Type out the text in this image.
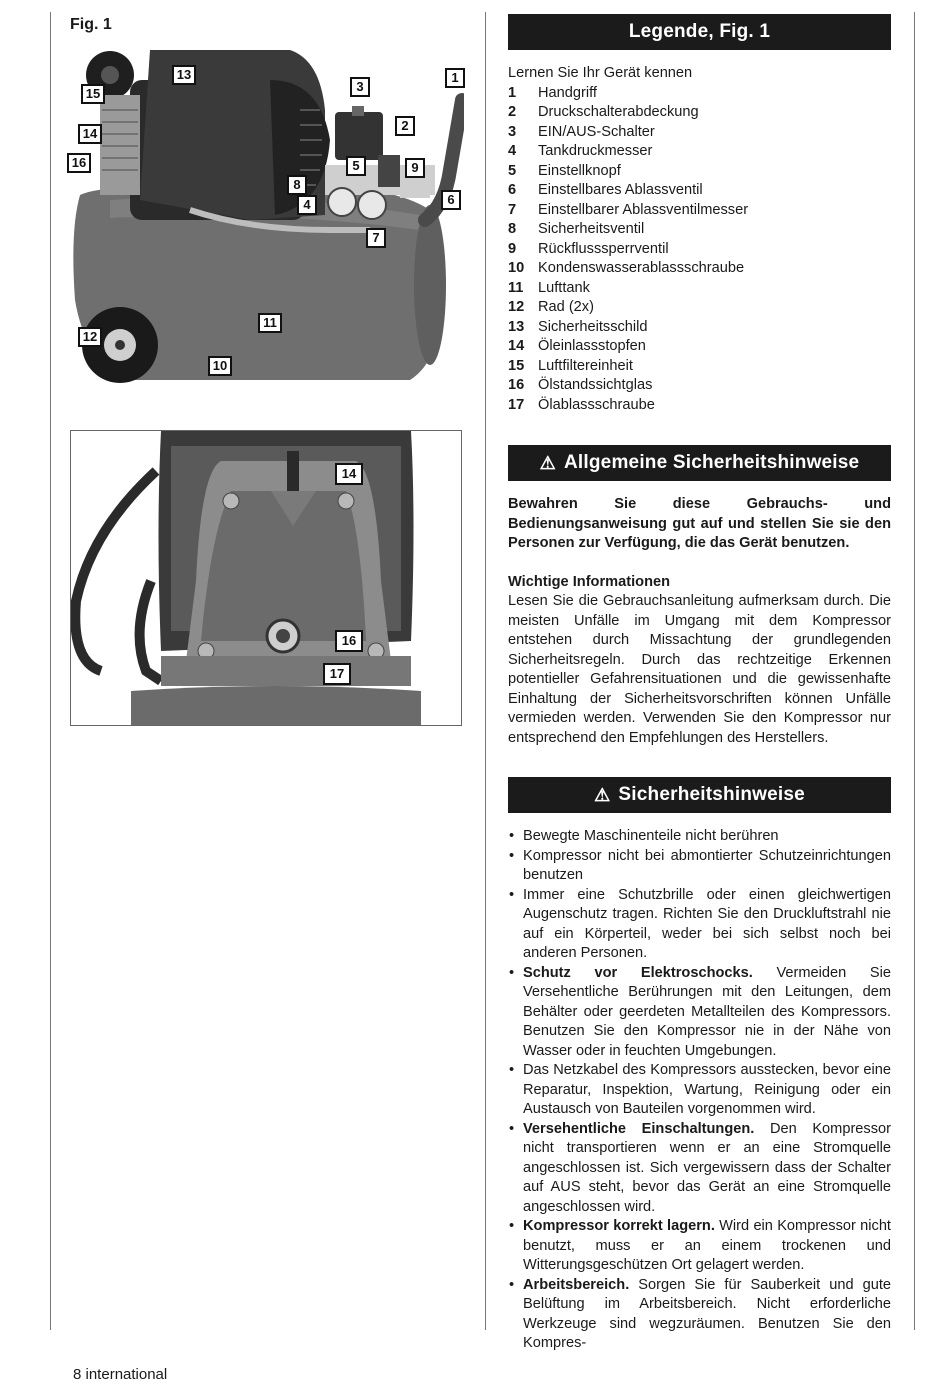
Fig. 1
1
3
2
5	9
6
8
4
7
13
15
14
16
11
12
10
14
16
17
Legende, Fig. 1

Lernen Sie Ihr Gerät kennen

1	Handgriff
2	Druckschalterabdeckung
3	EIN/AUS-Schalter
4	Tankdruckmesser
5	Einstellknopf
6	Einstellbares Ablassventil
7	Einstellbarer Ablassventilmesser
8	Sicherheitsventil
9	Rückflusssperrventil
10 Kondenswasserablassschraube
11 Lufttank
12 Rad (2x)
13 Sicherheitsschild
14 Öleinlassstopfen
15 Luftfiltereinheit
16 Ölstandssichtglas
17 Ölablassschraube
⚠ Allgemeine Sicherheitshinweise

Bewahren Sie diese Gebrauchs- und Bedienungsanweisung gut auf und stellen Sie sie den Personen zur Verfügung, die das Gerät benutzen.

Wichtige Informationen

Lesen Sie die Gebrauchsanleitung aufmerksam durch. Die meisten Unfälle im Umgang mit dem Kompressor entstehen durch Missachtung der grundlegenden Sicherheitsregeln. Durch das rechtzeitige Erkennen potentieller Gefahrensituationen und die gewissenhafte Einhaltung der Sicherheitsvorschriften können Unfälle vermieden werden. Verwenden Sie den Kompressor nur entsprechend den Empfehlungen des Herstellers.

⚠ Sicherheitshinweise
• Bewegte Maschinenteile nicht berühren
• Kompressor nicht bei abmontierter Schutzeinrichtungen benutzen
• Immer eine Schutzbrille oder einen gleichwertigen Augenschutz tragen. Richten Sie den Druckluftstrahl nie auf ein Körperteil, weder bei sich selbst noch bei anderen Personen.
• Schutz vor Elektroschocks. Vermeiden Sie Versehentliche Berührungen mit den Leitungen, dem Behälter oder geerdeten Metallteilen des Kompressors. Benutzen Sie den Kompressor nie in der Nähe von Wasser oder in feuchten Umgebungen.
• Das Netzkabel des Kompressors ausstecken, bevor eine Reparatur, Inspektion, Wartung, Reinigung oder ein Austausch von Bauteilen vorgenommen wird.
• Versehentliche Einschaltungen. Den Kompressor nicht transportieren wenn er an eine Stromquelle angeschlossen ist. Sich vergewissern dass der Schalter auf AUS steht, bevor das Gerät an eine Stromquelle angeschlossen wird.
• Kompressor korrekt lagern. Wird ein Kompressor nicht benutzt, muss er an einem trockenen und Witterungsgeschützen Ort gelagert werden.
• Arbeitsbereich. Sorgen Sie für Sauberkeit und gute Belüftung im Arbeitsbereich. Nicht erforderliche Werkzeuge sind wegzuräumen. Benutzen Sie den Kompres-
8 international
